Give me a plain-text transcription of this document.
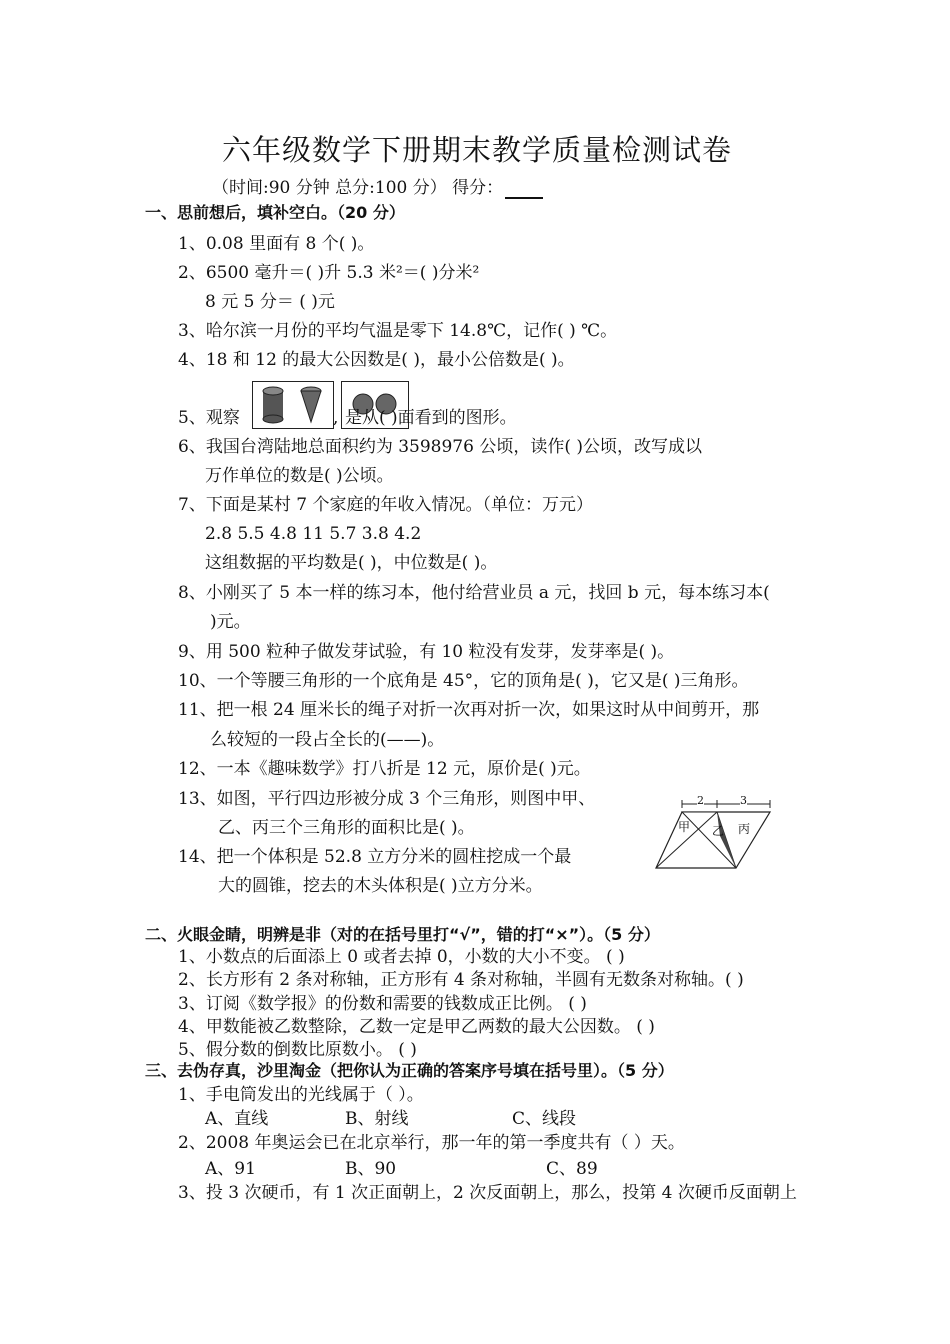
六年级数学下册期末教学质量检测试卷
（时间:90 分钟 总分:100 分） 得分：
一、思前想后，填补空白。（20 分）
1、0.08 里面有 8 个( )。
2、6500 毫升＝( )升 5.3 米²＝( )分米²
8 元 5 分＝ ( )元
3、哈尔滨一月份的平均气温是零下 14.8℃，记作( ) ℃。
4、18 和 12 的最大公因数是( )，最小公倍数是( )。
5、观察	, 是从( )面看到的图形。
6、我国台湾陆地总面积约为 3598976 公顷，读作( )公顷，改写成以
万作单位的数是( )公顷。
7、下面是某村 7 个家庭的年收入情况。（单位：万元）
2.8 5.5 4.8 11 5.7 3.8 4.2
这组数据的平均数是( )，中位数是( )。
8、小刚买了 5 本一样的练习本，他付给营业员 a 元，找回 b 元，每本练习本(
)元。
9、用 500 粒种子做发芽试验，有 10 粒没有发芽，发芽率是( )。
10、一个等腰三角形的一个底角是 45°，它的顶角是( )，它又是( )三角形。
11、把一根 24 厘米长的绳子对折一次再对折一次，如果这时从中间剪开，那
么较短的一段占全长的(——)。
12、一本《趣味数学》打八折是 12 元，原价是( )元。
13、如图，平行四边形被分成 3 个三角形，则图中甲、
乙、丙三个三角形的面积比是( )。
14、把一个体积是 52.8 立方分米的圆柱挖成一个最
大的圆锥，挖去的木头体积是( )立方分米。
2	3
甲 乙 丙
二、火眼金睛，明辨是非（对的在括号里打“√”，错的打“×”）。（5 分）
1、小数点的后面添上 0 或者去掉 0，小数的大小不变。 ( )
2、长方形有 2 条对称轴，正方形有 4 条对称轴，半圆有无数条对称轴。( )
3、订阅《数学报》的份数和需要的钱数成正比例。 ( )
4、甲数能被乙数整除，乙数一定是甲乙两数的最大公因数。 ( )
5、假分数的倒数比原数小。 ( )
三、去伪存真，沙里淘金（把你认为正确的答案序号填在括号里）。（5 分）
1、手电筒发出的光线属于（ ）。
A、直线	B、射线	C、线段
2、2008 年奥运会已在北京举行，那一年的第一季度共有（ ）天。
A、91	B、90	C、89
3、投 3 次硬币，有 1 次正面朝上，2 次反面朝上，那么，投第 4 次硬币反面朝上
